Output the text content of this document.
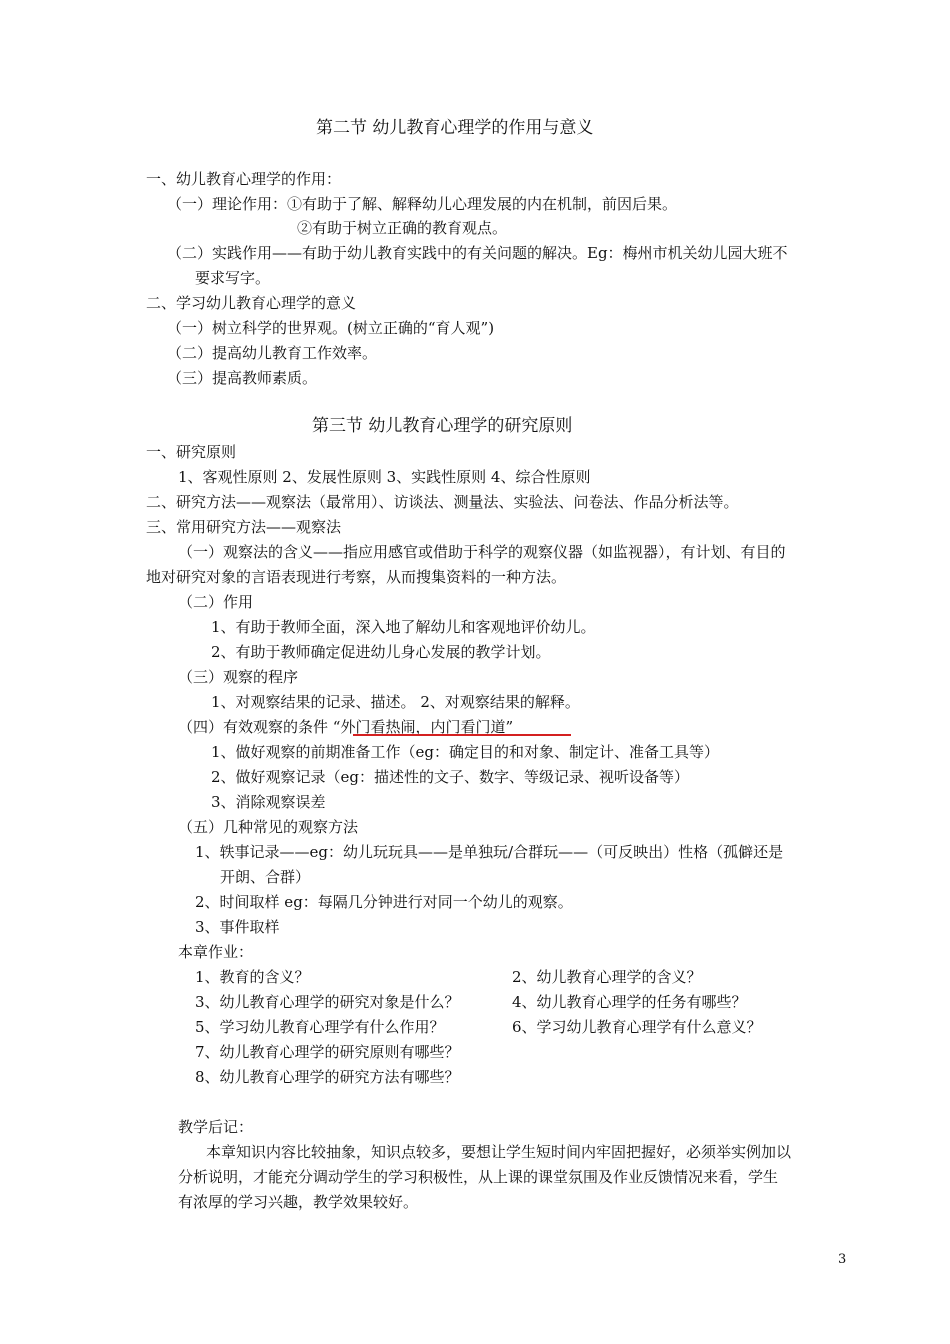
第二节 幼儿教育心理学的作用与意义
一、幼儿教育心理学的作用：
（一）理论作用：①有助于了解、解释幼儿心理发展的内在机制，前因后果。
②有助于树立正确的教育观点。
（二）实践作用——有助于幼儿教育实践中的有关问题的解决。Eg：梅州市机关幼儿园大班不
要求写字。
二、学习幼儿教育心理学的意义
（一）树立科学的世界观。(树立正确的“育人观”)
（二）提高幼儿教育工作效率。
（三）提高教师素质。
第三节 幼儿教育心理学的研究原则
一、研究原则
1、客观性原则 2、发展性原则 3、实践性原则 4、综合性原则
二、研究方法——观察法（最常用）、访谈法、测量法、实验法、问卷法、作品分析法等。
三、常用研究方法——观察法
（一）观察法的含义——指应用感官或借助于科学的观察仪器（如监视器），有计划、有目的
地对研究对象的言语表现进行考察，从而搜集资料的一种方法。
（二）作用
1、有助于教师全面，深入地了解幼儿和客观地评价幼儿。
2、有助于教师确定促进幼儿身心发展的教学计划。
（三）观察的程序
1、对观察结果的记录、描述。 2、对观察结果的解释。
（四）有效观察的条件 “外门看热闹，内门看门道”
1、做好观察的前期准备工作（eg：确定目的和对象、制定计、准备工具等）
2、做好观察记录（eg：描述性的文子、数字、等级记录、视听设备等）
3、消除观察误差
（五）几种常见的观察方法
1、轶事记录——eg：幼儿玩玩具——是单独玩/合群玩——（可反映出）性格（孤僻还是
开朗、合群）
2、时间取样 eg：每隔几分钟进行对同一个幼儿的观察。
3、事件取样
本章作业：
1、教育的含义？	2、幼儿教育心理学的含义？
3、幼儿教育心理学的研究对象是什么？	4、幼儿教育心理学的任务有哪些？
5、学习幼儿教育心理学有什么作用？	6、学习幼儿教育心理学有什么意义？
7、幼儿教育心理学的研究原则有哪些？
8、幼儿教育心理学的研究方法有哪些？
教学后记：
本章知识内容比较抽象，知识点较多，要想让学生短时间内牢固把握好，必须举实例加以
分析说明，才能充分调动学生的学习积极性，从上课的课堂氛围及作业反馈情况来看，学生
有浓厚的学习兴趣，教学效果较好。
3
